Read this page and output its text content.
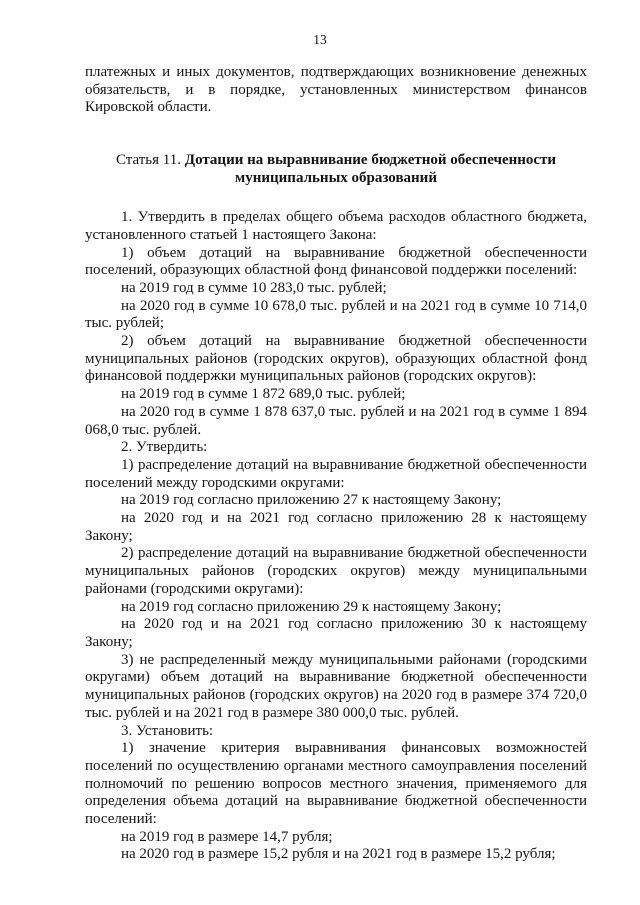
13

платежных и иных документов, подтверждающих возникновение денежных

обязательств, и в порядке, установленных министерством финансов Кировской области.

Статья 11. Дотации на выравнивание бюджетной обеспеченности муниципальных образований

1. Утвердить в пределах общего объема расходов областного бюджета, установленного статьей 1 настоящего Закона:

1) объем дотаций на выравнивание бюджетной обеспеченности поселений, образующих областной фонд финансовой поддержки поселений:

на 2019 год в сумме 10 283,0 тыс. рублей;

на 2020 год в сумме 10 678,0 тыс. рублей и на 2021 год в сумме 10 714,0 тыс. рублей;

2) объем дотаций на выравнивание бюджетной обеспеченности муниципальных районов (городских округов), образующих областной фонд финансовой поддержки муниципальных районов (городских округов):

на 2019 год в сумме 1 872 689,0 тыс. рублей;

на 2020 год в сумме 1 878 637,0 тыс. рублей и на 2021 год в сумме 1 894 068,0 тыс. рублей.

2. Утвердить:

1) распределение дотаций на выравнивание бюджетной обеспеченности поселений между городскими округами:

на 2019 год согласно приложению 27 к настоящему Закону;

на 2020 год и на 2021 год согласно приложению 28 к настоящему Закону;

2) распределение дотаций на выравнивание бюджетной обеспеченности муниципальных районов (городских округов) между муниципальными районами (городскими округами):

на 2019 год согласно приложению 29 к настоящему Закону;

на 2020 год и на 2021 год согласно приложению 30 к настоящему Закону;

3) не распределенный между муниципальными районами (городскими округами) объем дотаций на выравнивание бюджетной обеспеченности муниципальных районов (городских округов) на 2020 год в размере 374 720,0 тыс. рублей и на 2021 год в размере 380 000,0 тыс. рублей.

3. Установить:

1) значение критерия выравнивания финансовых возможностей поселений по осуществлению органами местного самоуправления поселений полномочий по решению вопросов местного значения, применяемого для определения объема дотаций на выравнивание бюджетной обеспеченности поселений:

на 2019 год в размере 14,7 рубля;

на 2020 год в размере 15,2 рубля и на 2021 год в размере 15,2 рубля;
